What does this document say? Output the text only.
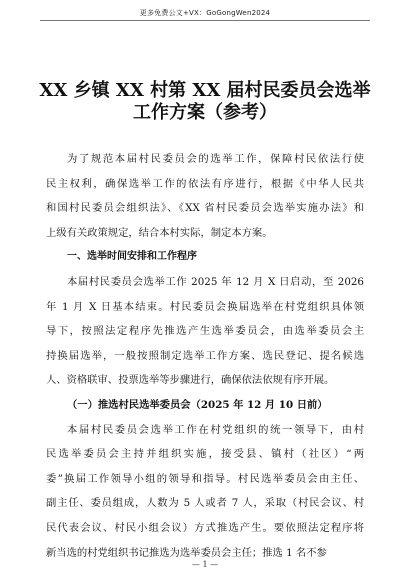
更多免费公文+VX：GoGongWen2024
XX 乡镇 XX 村第 XX 届村民委员会选举
工作方案（参考）
为了规范本届村民委员会的选举工作，保障村民依法行使
民主权利，确保选举工作的依法有序进行，根据《中华人民共
和国村民委员会组织法》、《XX 省村民委员会选举实施办法》和
上级有关政策规定，结合本村实际，制定本方案。
一、选举时间安排和工作程序
本届村民委员会选举工作 2025 年 12 月 X 日启动，至 2026
年 1 月 X 日基本结束。村民委员会换届选举在村党组织具体领
导下，按照法定程序先推选产生选举委员会，由选举委员会主
持换届选举，一般按照制定选举工作方案、选民登记、提名候选
人、资格联审、投票选举等步骤进行，确保依法依规有序开展。
（一）推选村民选举委员会（2025 年 12 月 10 日前）
本届村民委员会选举工作在村党组织的统一领导下，由村
民选举委员会主持并组织实施，接受县、镇村（社区）“两
委”换届工作领导小组的领导和指导。村民选举委员会由主任、
副主任、委员组成，人数为 5 人或者 7 人，采取（村民会议、村
民代表会议、村民小组会议）方式推选产生。要依照法定程序将
新当选的村党组织书记推选为选举委员会主任；推选 1 名不参
— 1 —
